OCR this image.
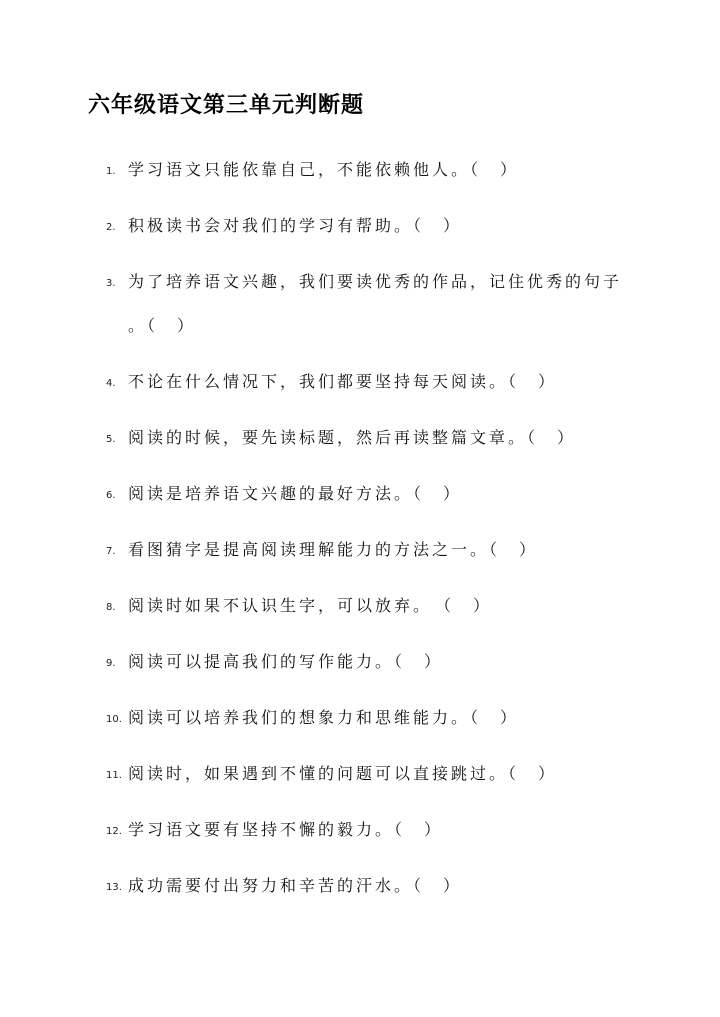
六年级语文第三单元判断题
1. 学习语文只能依靠自己，不能依赖他人。（　）
2. 积极读书会对我们的学习有帮助。（　）
3. 为了培养语文兴趣，我们要读优秀的作品，记住优秀的句子
。（　）
4. 不论在什么情况下，我们都要坚持每天阅读。（　）
5. 阅读的时候，要先读标题，然后再读整篇文章。（　）
6. 阅读是培养语文兴趣的最好方法。（　）
7. 看图猜字是提高阅读理解能力的方法之一。（　）
8. 阅读时如果不认识生字，可以放弃。　（　）
9. 阅读可以提高我们的写作能力。（　）
10. 阅读可以培养我们的想象力和思维能力。（　）
11. 阅读时，如果遇到不懂的问题可以直接跳过。（　）
12. 学习语文要有坚持不懈的毅力。（　）
13. 成功需要付出努力和辛苦的汗水。（　）
